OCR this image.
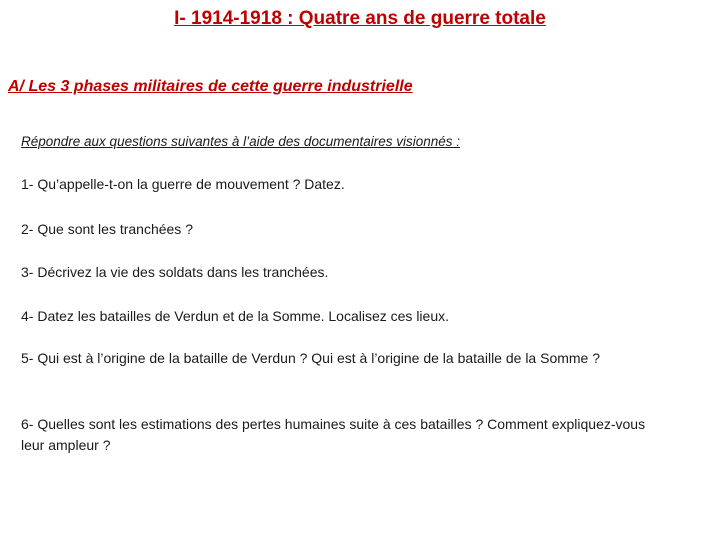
I- 1914-1918 : Quatre ans de guerre totale
A/ Les 3 phases militaires de cette guerre industrielle
Répondre aux questions suivantes à l’aide des documentaires visionnés :
1- Qu’appelle-t-on la guerre de mouvement ? Datez.
2- Que sont les tranchées ?
3- Décrivez la vie des soldats dans les tranchées.
4- Datez les batailles de Verdun et de la Somme. Localisez ces lieux.
5- Qui est à l’origine de la bataille de Verdun ? Qui est à l’origine de la bataille de la Somme ?
6- Quelles sont les estimations des pertes humaines suite à ces batailles ? Comment expliquez-vous leur ampleur ?
